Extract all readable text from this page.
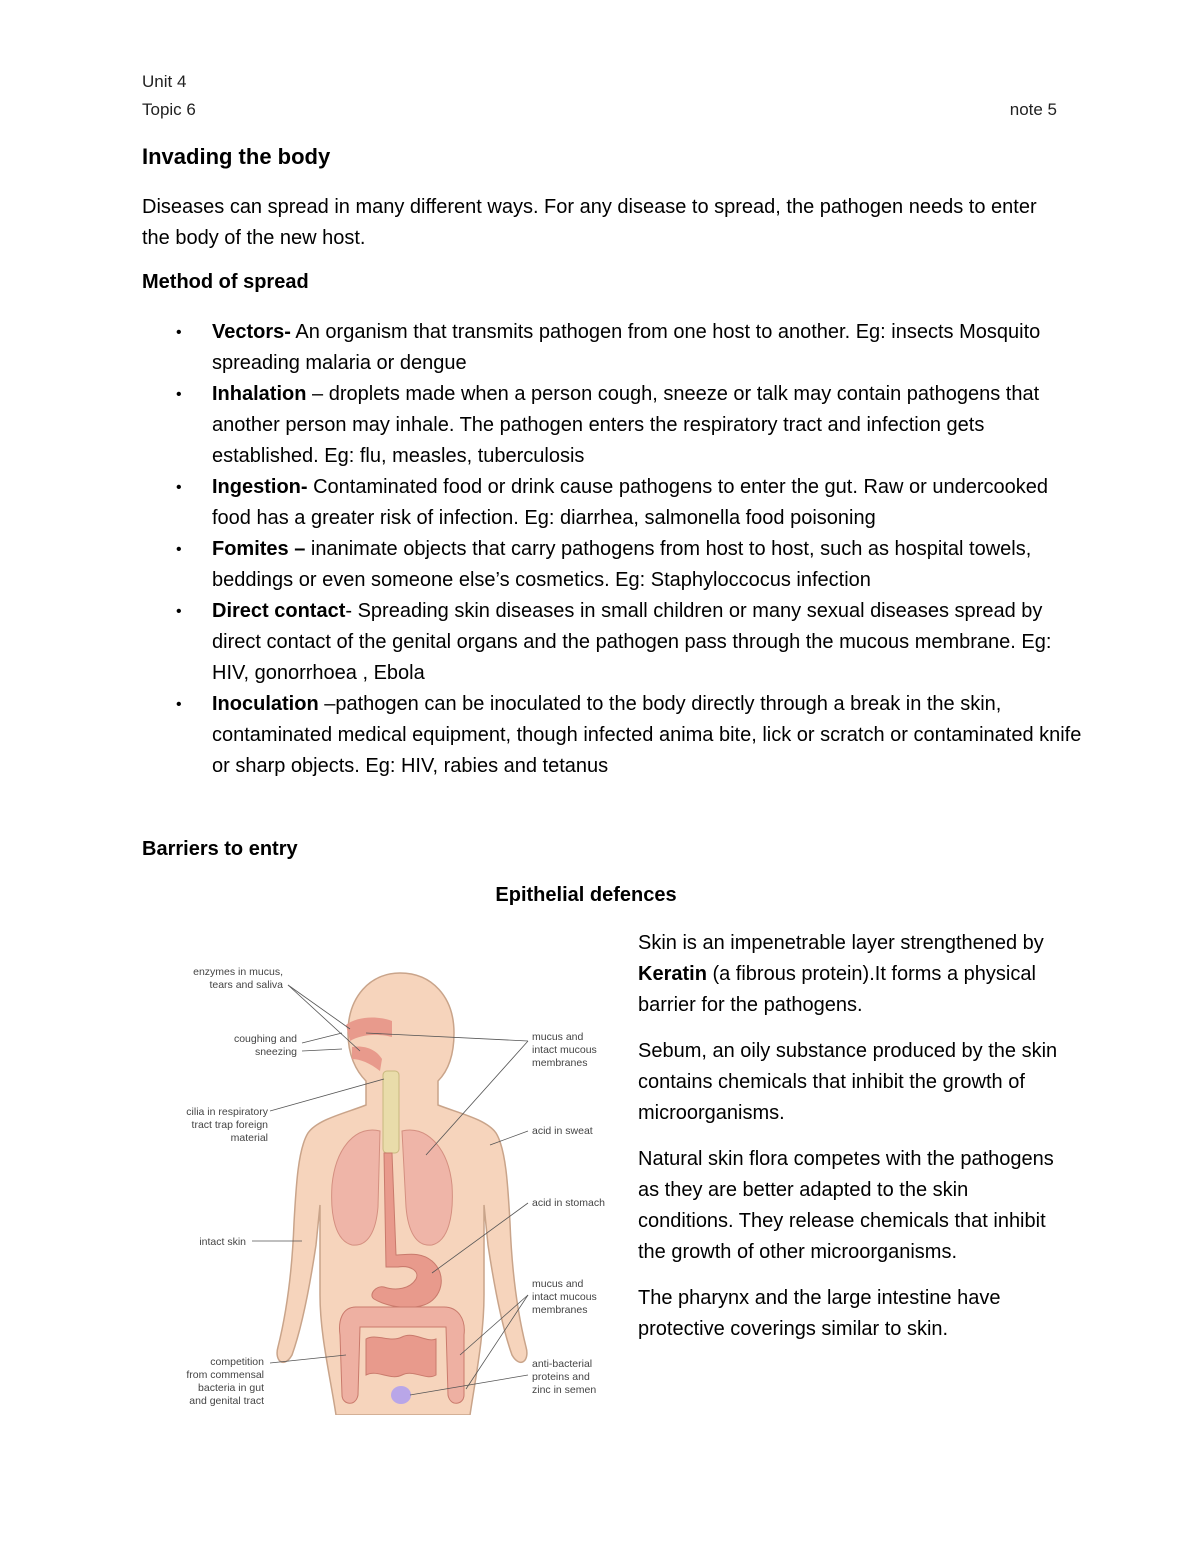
Unit 4
Topic 6	note 5
Invading the body

Diseases can spread in many different ways. For any disease to spread, the pathogen needs to enter the body of the new host.

Method of spread
• Vectors- An organism that transmits pathogen from one host to another. Eg: insects Mosquito spreading malaria or dengue
• Inhalation – droplets made when a person cough, sneeze or talk may contain pathogens that another person may inhale. The pathogen enters the respiratory tract and infection gets established. Eg: flu, measles, tuberculosis
• Ingestion- Contaminated food or drink cause pathogens to enter the gut. Raw or undercooked food has a greater risk of infection. Eg: diarrhea, salmonella food poisoning
• Fomites – inanimate objects that carry pathogens from host to host, such as hospital towels, beddings or even someone else’s cosmetics. Eg: Staphyloccocus infection
• Direct contact- Spreading skin diseases in small children or many sexual diseases spread by direct contact of the genital organs and the pathogen pass through the mucous membrane. Eg: HIV, gonorrhoea , Ebola
• Inoculation –pathogen can be inoculated to the body directly through a break in the skin, contaminated medical equipment, though infected anima bite, lick or scratch or contaminated knife or sharp objects. Eg: HIV, rabies and tetanus
Barriers to entry
Epithelial defences

Skin is an impenetrable layer strengthened by Keratin (a fibrous protein).It forms a physical barrier for the pathogens.

Sebum, an oily substance produced by the skin contains chemicals that inhibit the growth of microorganisms.

Natural skin flora competes with the pathogens as they are better adapted to the skin conditions. They release chemicals that inhibit the growth of other microorganisms.

The pharynx and the large intestine have protective coverings similar to skin.

enzymes in mucus,
tears and saliva
coughing and
sneezing
cilia in respiratory
tract trap foreign
material
intact skin
competition
from commensal
bacteria in gut
and genital tract
mucus and
intact mucous
membranes
acid in sweat
acid in stomach
mucus and
intact mucous
membranes
anti-bacterial
proteins and
zinc in semen
